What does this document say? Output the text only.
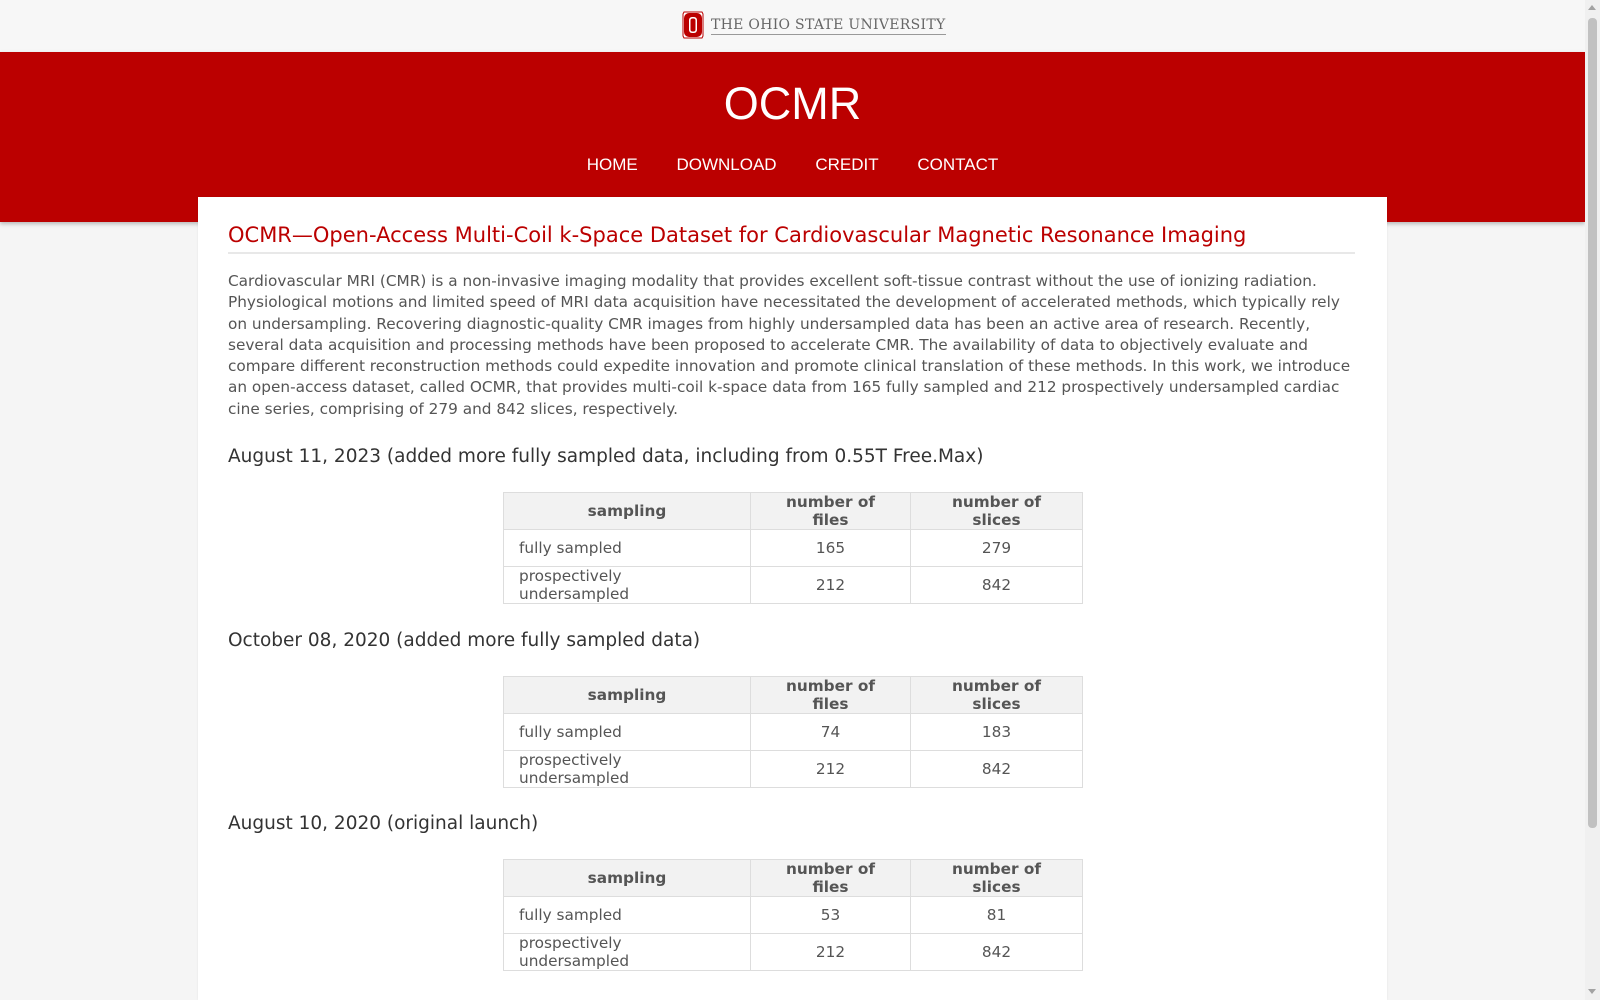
THE OHIO STATE UNIVERSITY
OCMR
HOME DOWNLOAD CREDIT CONTACT
OCMR—Open-Access Multi-Coil k-Space Dataset for Cardiovascular Magnetic Resonance Imaging

Cardiovascular MRI (CMR) is a non-invasive imaging modality that provides excellent soft-tissue contrast without the use of ionizing radiation. Physiological motions and limited speed of MRI data acquisition have necessitated the development of accelerated methods, which typically rely on undersampling. Recovering diagnostic-quality CMR images from highly undersampled data has been an active area of research. Recently, several data acquisition and processing methods have been proposed to accelerate CMR. The availability of data to objectively evaluate and compare different reconstruction methods could expedite innovation and promote clinical translation of these methods. In this work, we introduce an open-access dataset, called OCMR, that provides multi-coil k-space data from 165 fully sampled and 212 prospectively undersampled cardiac cine series, comprising of 279 and 842 slices, respectively.

August 11, 2023 (added more fully sampled data, including from 0.55T Free.Max)
sampling	number of files	number of slices
fully sampled	165	279
prospectively undersampled	212	842
October 08, 2020 (added more fully sampled data)
sampling	number of files	number of slices
fully sampled	74	183
prospectively undersampled	212	842
August 10, 2020 (original launch)
sampling	number of files	number of slices
fully sampled	53	81
prospectively undersampled	212	842
